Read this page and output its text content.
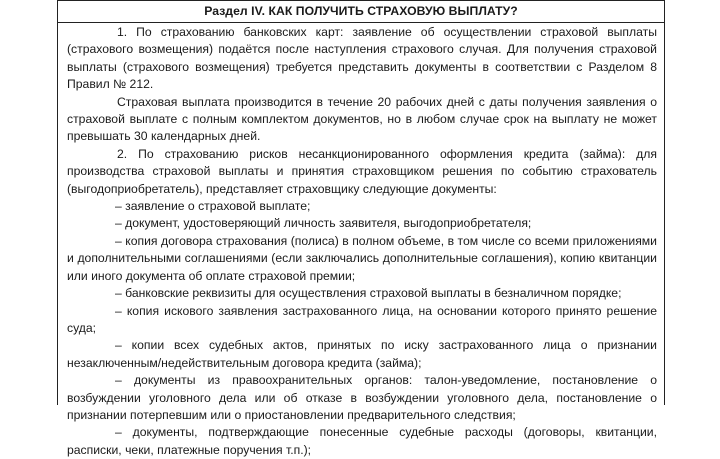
Раздел IV. КАК ПОЛУЧИТЬ СТРАХОВУЮ ВЫПЛАТУ?

1. По страхованию банковских карт: заявление об осуществлении страховой выплаты (страхового возмещения) подаётся после наступления страхового случая. Для получения страховой выплаты (страхового возмещения) требуется представить документы в соответствии с Разделом 8 Правил № 212.

Страховая выплата производится в течение 20 рабочих дней с даты получения заявления о страховой выплате с полным комплектом документов, но в любом случае срок на выплату не может превышать 30 календарных дней.

2. По страхованию рисков несанкционированного оформления кредита (займа): для производства страховой выплаты и принятия страховщиком решения по событию страхователь (выгодоприобретатель), представляет страховщику следующие документы:

– заявление о страховой выплате;

– документ, удостоверяющий личность заявителя, выгодоприобретателя;

– копия договора страхования (полиса) в полном объеме, в том числе со всеми приложениями и дополнительными соглашениями (если заключались дополнительные соглашения), копию квитанции или иного документа об оплате страховой премии;

– банковские реквизиты для осуществления страховой выплаты в безналичном порядке;

– копия искового заявления застрахованного лица, на основании которого принято решение суда;

– копии всех судебных актов, принятых по иску застрахованного лица о признании незаключенным/недействительным договора кредита (займа);

– документы из правоохранительных органов: талон-уведомление, постановление о возбуждении уголовного дела или об отказе в возбуждении уголовного дела, постановление о признании потерпевшим или о приостановлении предварительного следствия;

– документы, подтверждающие понесенные судебные расходы (договоры, квитанции, расписки, чеки, платежные поручения т.п.);
